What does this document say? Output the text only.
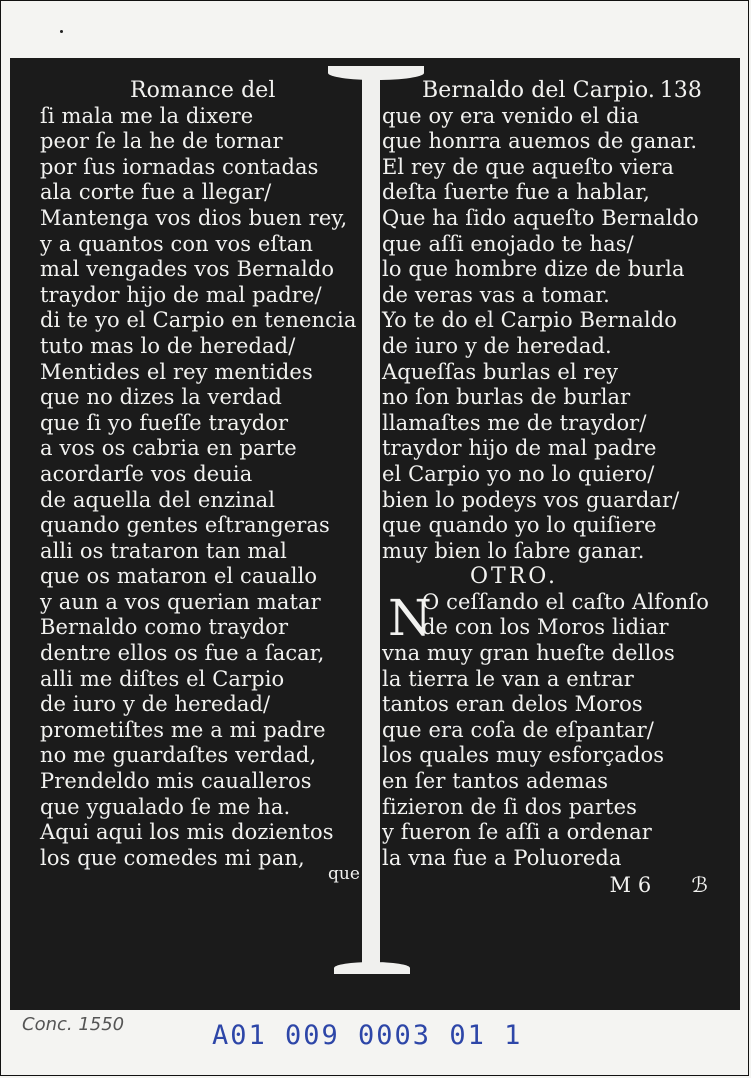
Romance del
ſi mala me la dixere
peor ſe la he de tornar
por ſus iornadas contadas
ala corte fue a llegar/
Mantenga vos dios buen rey,
y a quantos con vos eſtan
mal vengades vos Bernaldo
traydor hijo de mal padre/
di te yo el Carpio en tenencia
tuto mas lo de heredad/
Mentides el rey mentides
que no dizes la verdad
que ſi yo fueſſe traydor
a vos os cabria en parte
acordarſe vos deuia
de aquella del enzinal
quando gentes eſtrangeras
alli os trataron tan mal
que os mataron el cauallo
y aun a vos querian matar
Bernaldo como traydor
dentre ellos os fue a ſacar,
alli me diſtes el Carpio
de iuro y de heredad/
prometiſtes me a mi padre
no me guardaſtes verdad,
Prendeldo mis caualleros
que ygualado ſe me ha.
Aqui aqui los mis dozientos
los que comedes mi pan,
que
Bernaldo del Carpio. 138
que oy era venido el dia
que honrra auemos de ganar.
El rey de que aqueſto viera
deſta ſuerte fue a hablar,
Que ha ſido aqueſto Bernaldo
que aſſi enojado te has/
lo que hombre dize de burla
de veras vas a tomar.
Yo te do el Carpio Bernaldo
de iuro y de heredad.
Aqueſſas burlas el rey
no ſon burlas de burlar
llamaſtes me de traydor/
traydor hijo de mal padre
el Carpio yo no lo quiero/
bien lo podeys vos guardar/
que quando yo lo quiſiere
muy bien lo ſabre ganar.
OTRO.
N
O ceſſando el caſto Alfonſo
de con los Moros lidiar
vna muy gran hueſte dellos
la tierra le van a entrar
tantos eran delos Moros
que era coſa de eſpantar/
los quales muy esforçados
en ſer tantos ademas
fizieron de ſi dos partes
y fueron ſe aſſi a ordenar
la vna fue a Poluoreda
M 6 ℬ
Conc. 1550	A01 009 0003 01 1
